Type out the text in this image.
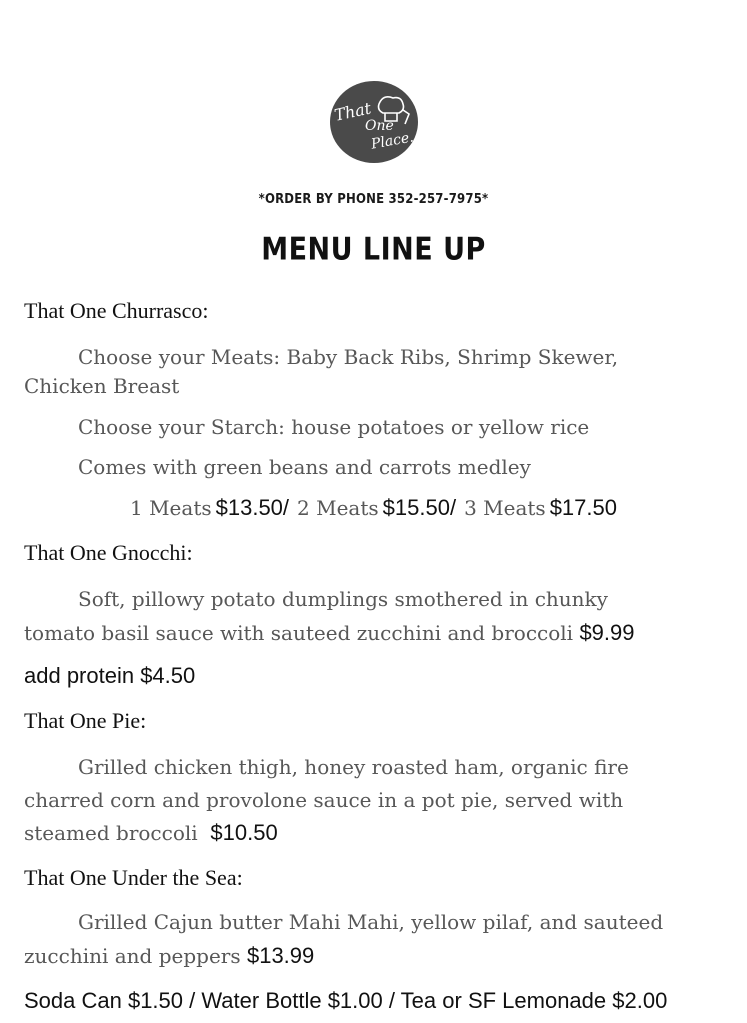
That
One
Place.
*ORDER BY PHONE 352-257-7975*
MENU LINE UP
That One Churrasco:
Choose your Meats: Baby Back Ribs, Shrimp Skewer,
Chicken Breast
Choose your Starch: house potatoes or yellow rice
Comes with green beans and carrots medley
1 Meats $13.50/ 2 Meats $15.50/ 3 Meats $17.50
That One Gnocchi:
Soft, pillowy potato dumplings smothered in chunky
tomato basil sauce with sauteed zucchini and broccoli $9.99
add protein $4.50
That One Pie:
Grilled chicken thigh, honey roasted ham, organic fire
charred corn and provolone sauce in a pot pie, served with
steamed broccoli $10.50
That One Under the Sea:
Grilled Cajun butter Mahi Mahi, yellow pilaf, and sauteed
zucchini and peppers $13.99
Soda Can $1.50 / Water Bottle $1.00 / Tea or SF Lemonade $2.00
